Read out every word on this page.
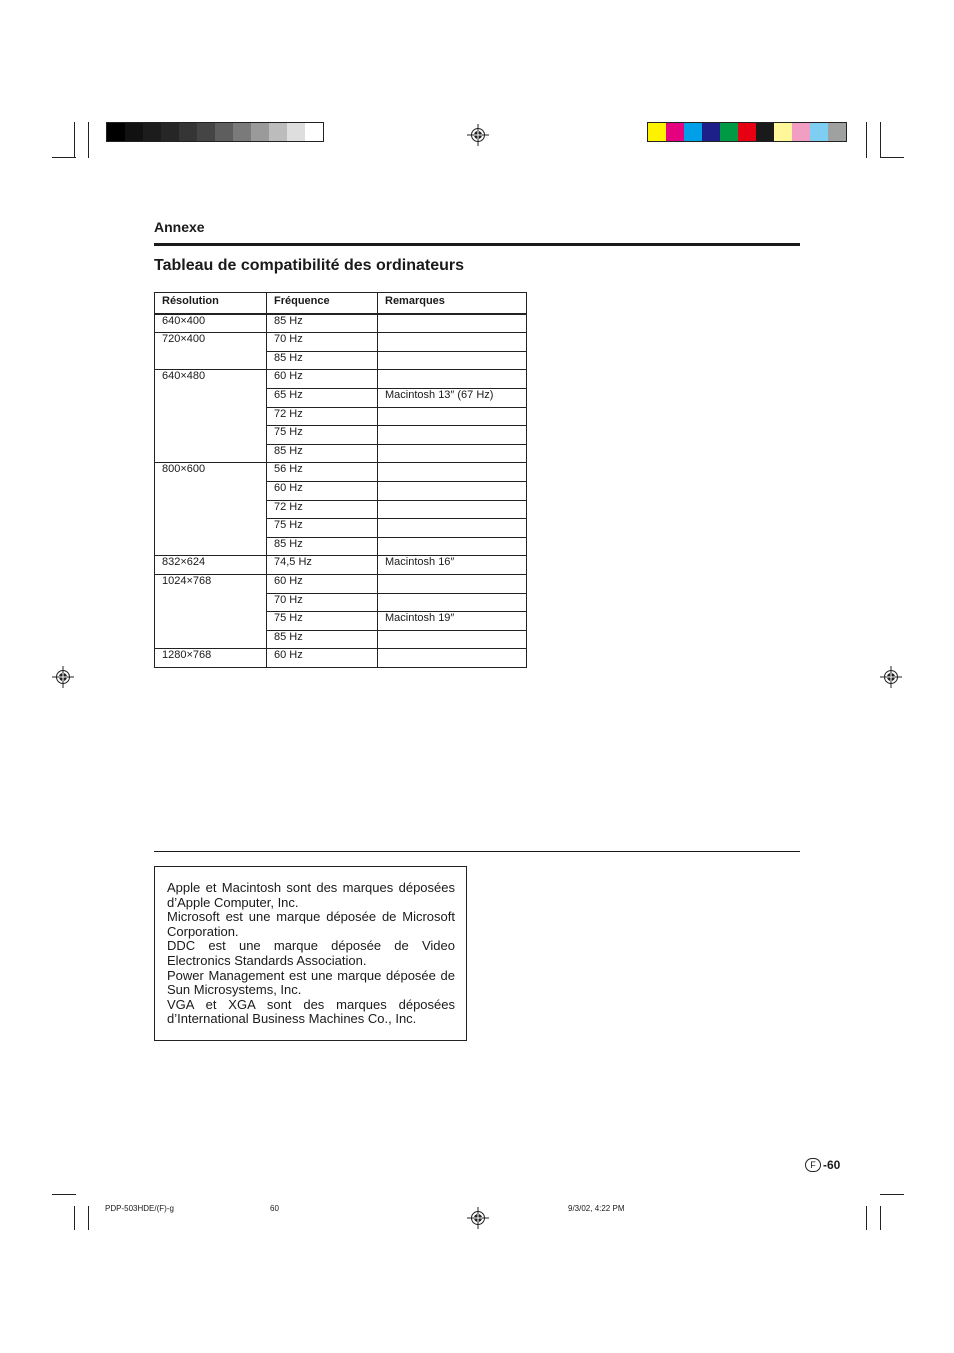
Annexe
Tableau de compatibilité des ordinateurs
Résolution	Fréquence	Remarques
640×400	85 Hz	
720×400	70 Hz	
	85 Hz	
640×480	60 Hz	
	65 Hz	Macintosh 13″ (67 Hz)
	72 Hz	
	75 Hz	
	85 Hz	
800×600	56 Hz	
	60 Hz	
	72 Hz	
	75 Hz	
	85 Hz	
832×624	74,5 Hz	Macintosh 16″
1024×768	60 Hz	
	70 Hz	
	75 Hz	Macintosh 19″
	85 Hz	
1280×768	60 Hz	

Apple et Macintosh sont des marques déposées d’Apple Computer, Inc.

Microsoft est une marque déposée de Microsoft Corporation.

DDC est une marque déposée de Video Electronics Standards Association.

Power Management est une marque déposée de Sun Microsystems, Inc.

VGA et XGA sont des marques déposées d’International Business Machines Co., Inc.

F -60
PDP-503HDE/(F)-g	60	9/3/02, 4:22 PM
